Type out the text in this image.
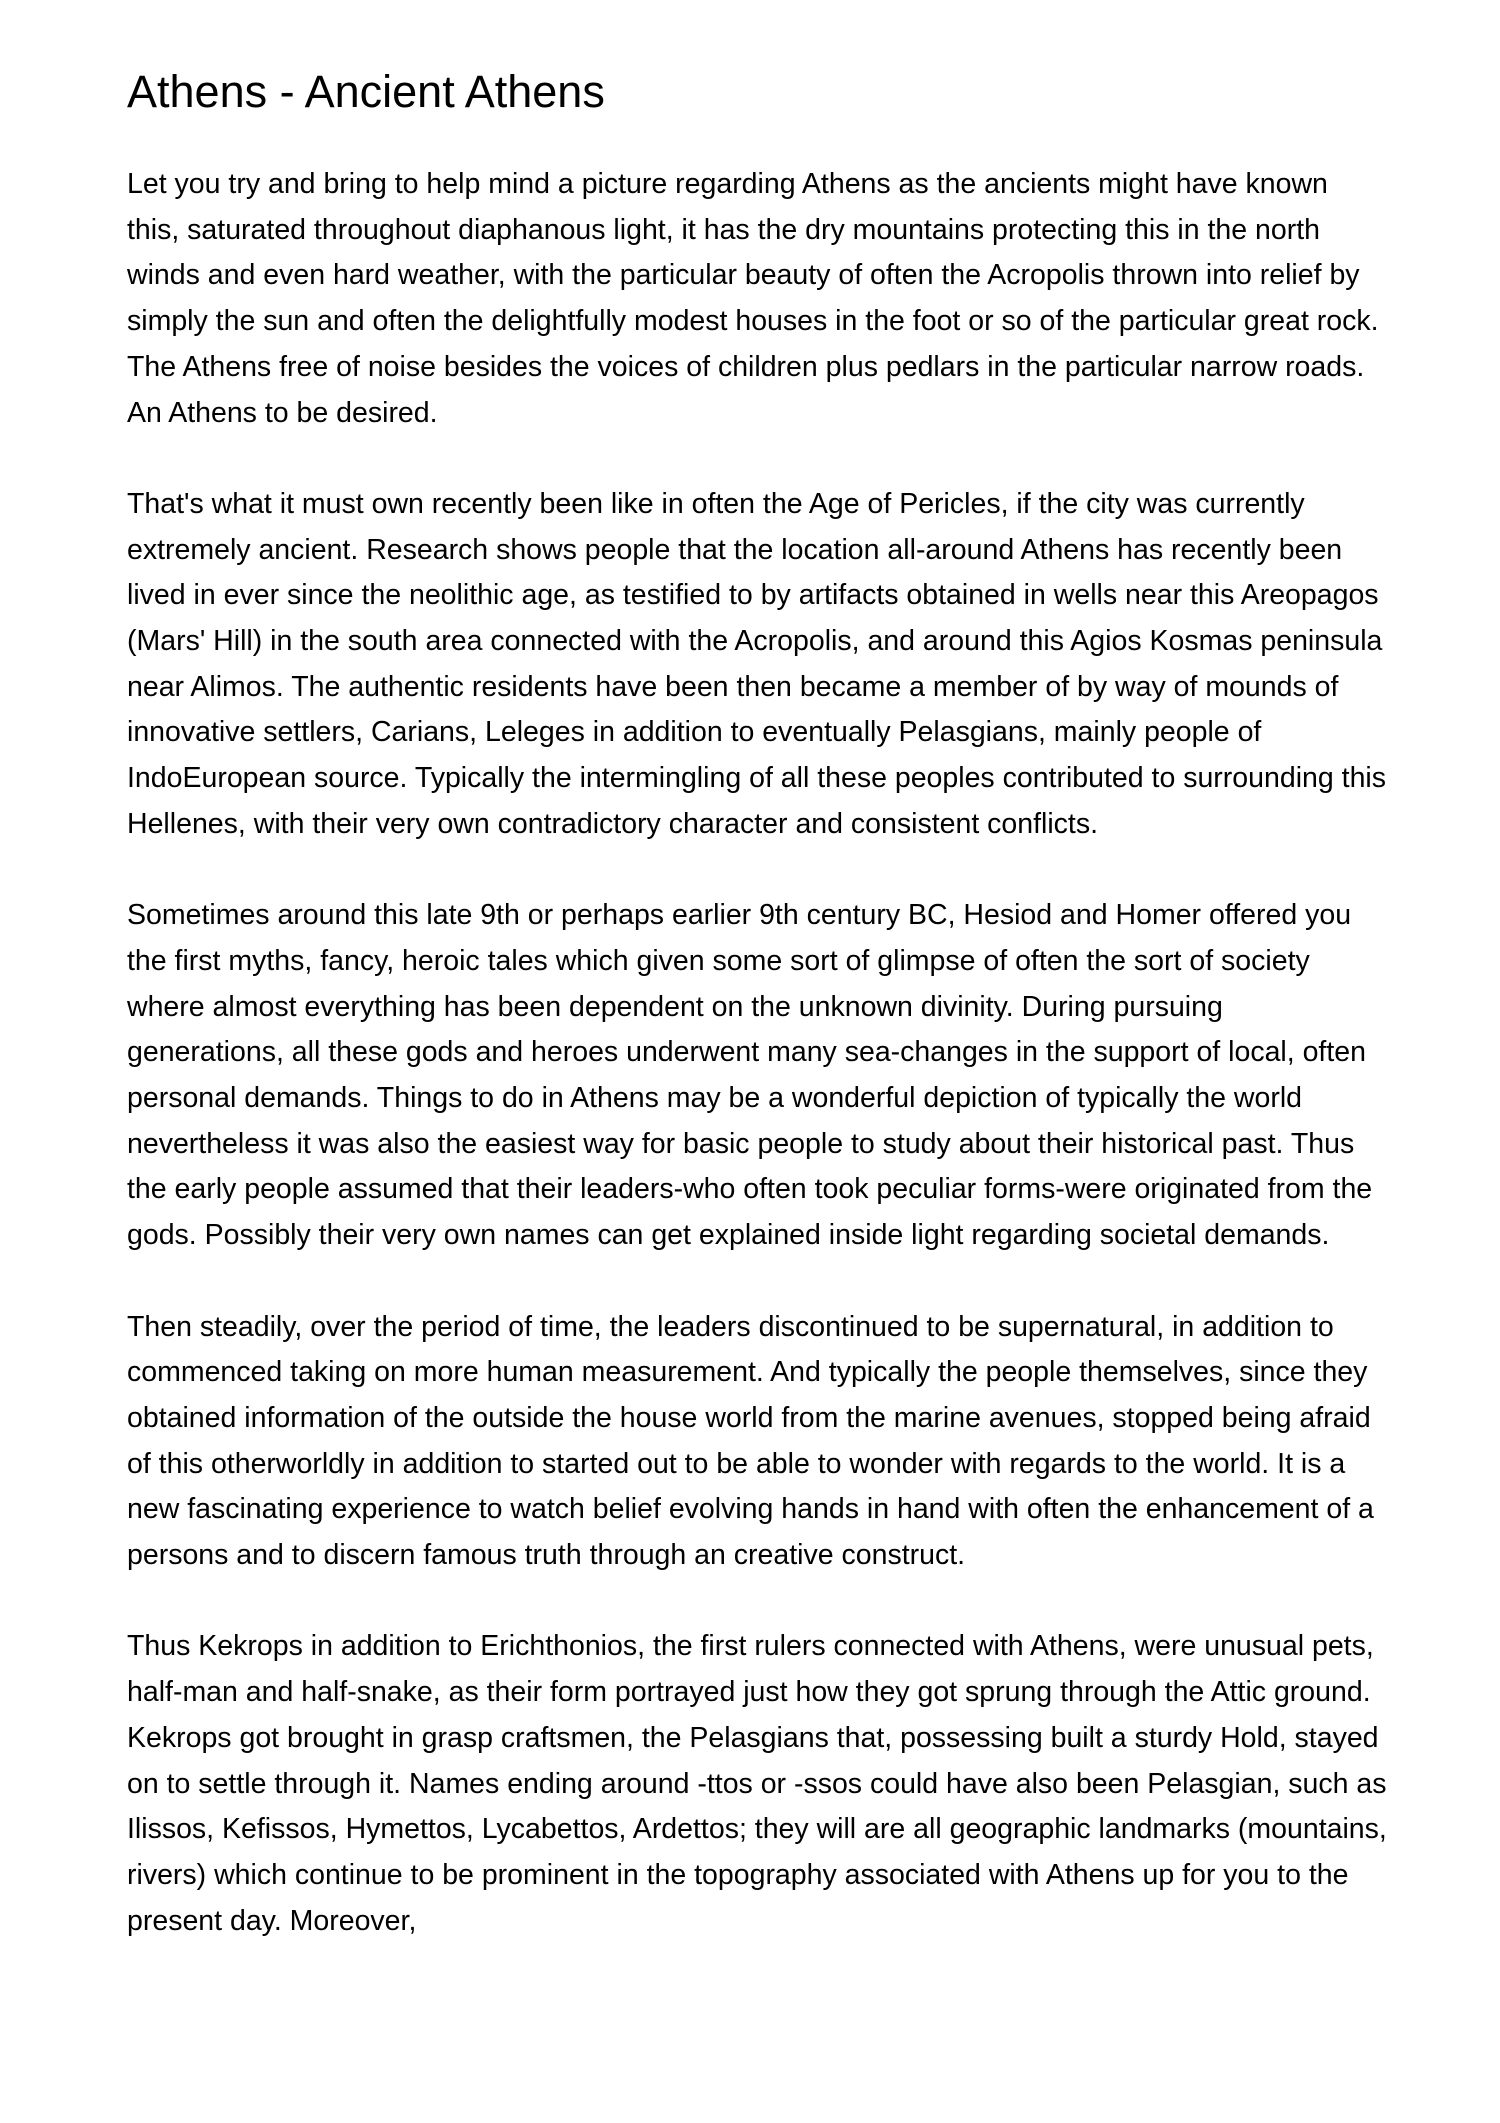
Athens - Ancient Athens

Let you try and bring to help mind a picture regarding Athens as the ancients might have known this, saturated throughout diaphanous light, it has the dry mountains protecting this in the north winds and even hard weather, with the particular beauty of often the Acropolis thrown into relief by simply the sun and often the delightfully modest houses in the foot or so of the particular great rock. The Athens free of noise besides the voices of children plus pedlars in the particular narrow roads. An Athens to be desired.

That's what it must own recently been like in often the Age of Pericles, if the city was currently extremely ancient. Research shows people that the location all-around Athens has recently been lived in ever since the neolithic age, as testified to by artifacts obtained in wells near this Areopagos (Mars' Hill) in the south area connected with the Acropolis, and around this Agios Kosmas peninsula near Alimos. The authentic residents have been then became a member of by way of mounds of innovative settlers, Carians, Leleges in addition to eventually Pelasgians, mainly people of IndoEuropean source. Typically the intermingling of all these peoples contributed to surrounding this Hellenes, with their very own contradictory character and consistent conflicts.

Sometimes around this late 9th or perhaps earlier 9th century BC, Hesiod and Homer offered you the first myths, fancy, heroic tales which given some sort of glimpse of often the sort of society where almost everything has been dependent on the unknown divinity. During pursuing generations, all these gods and heroes underwent many sea-changes in the support of local, often personal demands. Things to do in Athens may be a wonderful depiction of typically the world nevertheless it was also the easiest way for basic people to study about their historical past. Thus the early people assumed that their leaders-who often took peculiar forms-were originated from the gods. Possibly their very own names can get explained inside light regarding societal demands.

Then steadily, over the period of time, the leaders discontinued to be supernatural, in addition to commenced taking on more human measurement. And typically the people themselves, since they obtained information of the outside the house world from the marine avenues, stopped being afraid of this otherworldly in addition to started out to be able to wonder with regards to the world. It is a new fascinating experience to watch belief evolving hands in hand with often the enhancement of a persons and to discern famous truth through an creative construct.

Thus Kekrops in addition to Erichthonios, the first rulers connected with Athens, were unusual pets, half-man and half-snake, as their form portrayed just how they got sprung through the Attic ground. Kekrops got brought in grasp craftsmen, the Pelasgians that, possessing built a sturdy Hold, stayed on to settle through it. Names ending around -ttos or -ssos could have also been Pelasgian, such as Ilissos, Kefissos, Hymettos, Lycabettos, Ardettos; they will are all geographic landmarks (mountains, rivers) which continue to be prominent in the topography associated with Athens up for you to the present day. Moreover,
